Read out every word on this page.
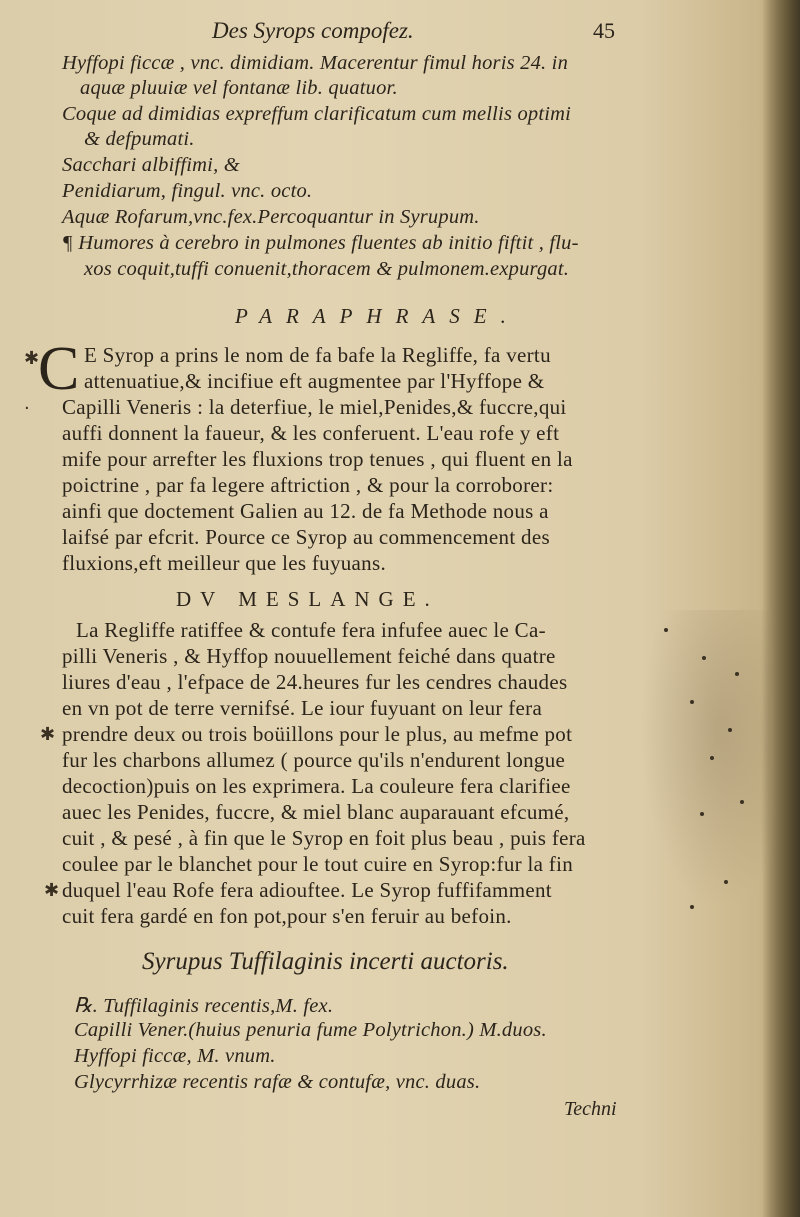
Des Syrops compofez.	45
Hyffopi ficcæ , vnc. dimidiam. Macerentur fimul horis 24. in
aquæ pluuiæ vel fontanæ lib. quatuor.
Coque ad dimidias expreffum clarificatum cum mellis optimi
& defpumati.
Sacchari albiffimi, &
Penidiarum, fingul. vnc. octo.
Aquæ Rofarum,vnc.fex.Percoquantur in Syrupum.
¶ Humores à cerebro in pulmones fluentes ab initio fiftit , flu-
xos coquit,tuffi conuenit,thoracem & pulmonem.expurgat.
PARAPHRASE.
C
✱
·
E Syrop a prins le nom de fa bafe la Regliffe, fa vertu
attenuatiue,& incifiue eft augmentee par l'Hyffope &
Capilli Veneris : la deterfiue, le miel,Penides,& fuccre,qui
auffi donnent la faueur, & les conferuent. L'eau rofe y eft
mife pour arrefter les fluxions trop tenues , qui fluent en la
poictrine , par fa legere aftriction , & pour la corroborer:
ainfi que doctement Galien au 12. de fa Methode nous a
laifsé par efcrit. Pource ce Syrop au commencement des
fluxions,eft meilleur que les fuyuans.
DV MESLANGE.
La Regliffe ratiffee & contufe fera infufee auec le Ca-
pilli Veneris , & Hyffop nouuellement feiché dans quatre
liures d'eau , l'efpace de 24.heures fur les cendres chaudes
en vn pot de terre vernifsé. Le iour fuyuant on leur fera
prendre deux ou trois boüillons pour le plus, au mefme pot
fur les charbons allumez ( pource qu'ils n'endurent longue
decoction)puis on les exprimera. La couleure fera clarifiee
auec les Penides, fuccre, & miel blanc auparauant efcumé,
cuit , & pesé , à fin que le Syrop en foit plus beau , puis fera
coulee par le blanchet pour le tout cuire en Syrop:fur la fin
duquel l'eau Rofe fera adiouftee. Le Syrop fuffifamment
cuit fera gardé en fon pot,pour s'en feruir au befoin.
✱
✱
Syrupus Tuffilaginis incerti auctoris.
℞. Tuffilaginis recentis,M. fex.
Capilli Vener.(huius penuria fume Polytrichon.) M.duos.
Hyffopi ficcæ, M. vnum.
Glycyrrhizæ recentis rafæ & contufæ, vnc. duas.
Techni
